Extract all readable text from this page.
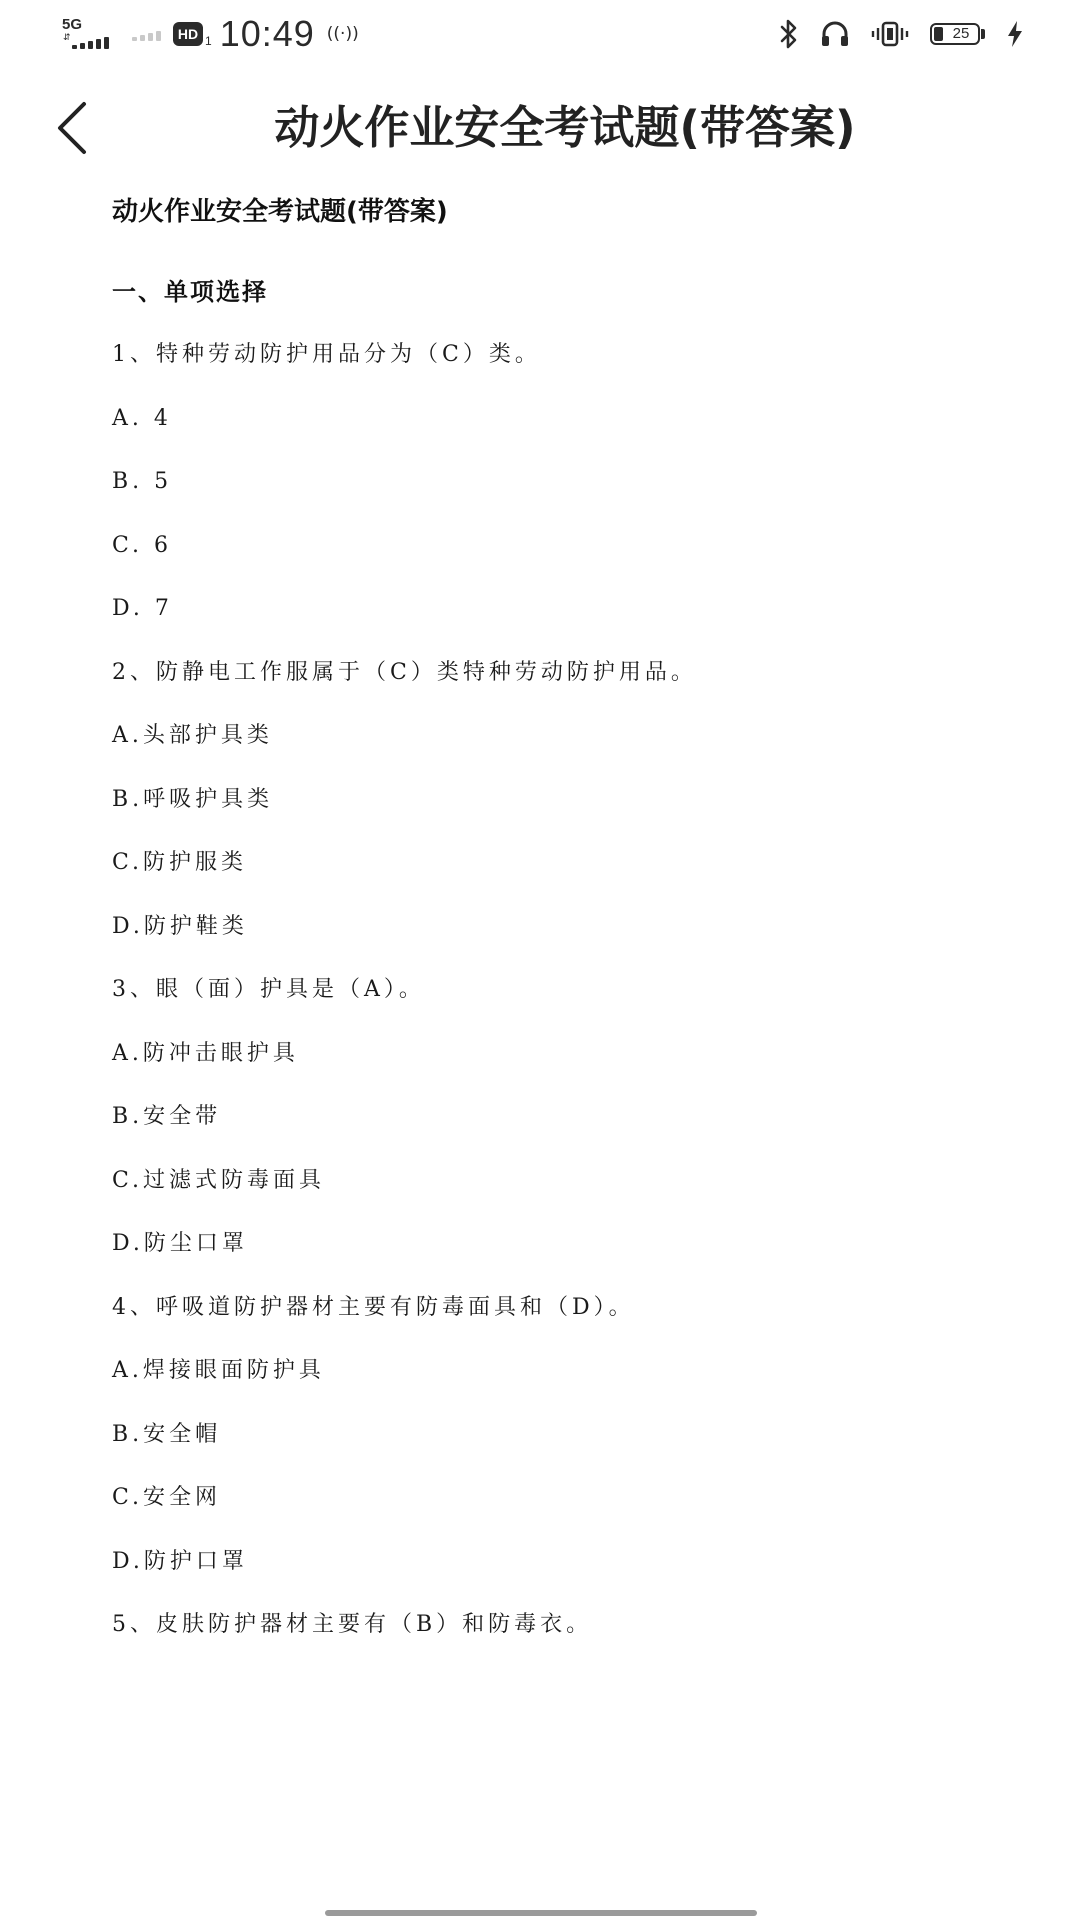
5G
⇵	HD 1 10:49 ((·))	25
动火作业安全考试题(带答案)
动火作业安全考试题(带答案)
一、单项选择
1、特种劳动防护用品分为（C）类。
A. 4
B. 5
C. 6
D. 7
2、防静电工作服属于（C）类特种劳动防护用品。
A.头部护具类
B.呼吸护具类
C.防护服类
D.防护鞋类
3、眼（面）护具是（A）。
A.防冲击眼护具
B.安全带
C.过滤式防毒面具
D.防尘口罩
4、呼吸道防护器材主要有防毒面具和（D）。
A.焊接眼面防护具
B.安全帽
C.安全网
D.防护口罩
5、皮肤防护器材主要有（B）和防毒衣。
